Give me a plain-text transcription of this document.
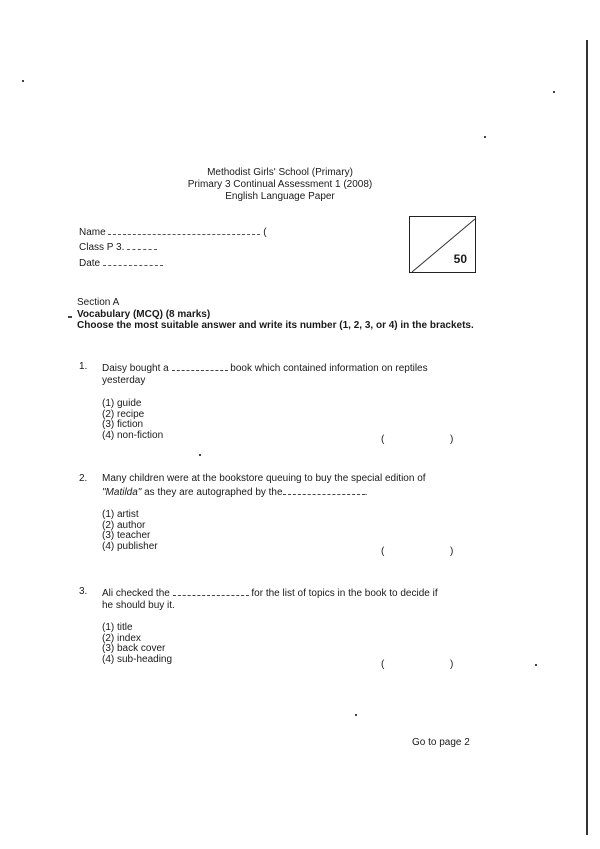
Methodist Girls' School (Primary)
Primary 3 Continual Assessment 1 (2008)
English Language Paper
Name	(
Class P 3.
Date	50
Section A
Vocabulary (MCQ) (8 marks)
Choose the most suitable answer and write its number (1, 2, 3, or 4) in the brackets.
1. Daisy bought a	book which contained information on reptiles
yesterday
(1) guide
(2) recipe
(3) fiction
(4) non-fiction	(	)
2. Many children were at the bookstore queuing to buy the special edition of
"Matilda" as they are autographed by the	.
(1) artist
(2) author
(3) teacher
(4) publisher	(	)
3. Ali checked the	for the list of topics in the book to decide if
he should buy it.
(1) title
(2) index
(3) back cover
(4) sub-heading	(	)
Go to page 2
